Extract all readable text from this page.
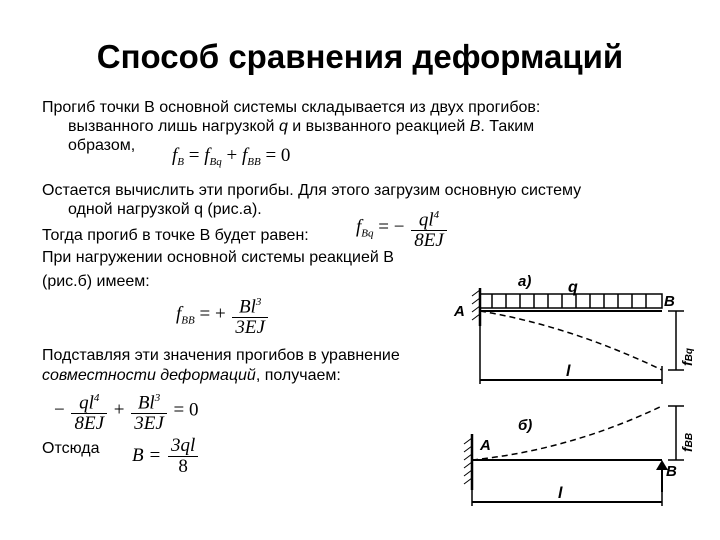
Способ сравнения деформаций
Прогиб точки В основной системы складывается из двух прогибов:
вызванного лишь нагрузкой q и вызванного реакцией B. Таким
образом, $f_B = f_{Bq} + f_{BB} = 0$
Остается вычислить эти прогибы. Для этого загрузим основную систему
одной нагрузкой q (рис.а).
Тогда прогиб в точке В будет равен:
При нагружении основной системы реакцией В
(рис.б) имеем:
$f_{Bq}$ = − $\frac{ql^4}{8EJ}$
$f_{BB}$ = + $\frac{Bl^3}{3EJ}$
Подставляя эти значения прогибов в уравнение
совместности деформаций, получаем:
− $\frac{ql^4}{8EJ} + \frac{Bl^3}{3EJ} = 0$
Отсюда $B = \frac{3ql}{8}$
а) q
A
B
fBq
l
б)
A
B
fBB
l
